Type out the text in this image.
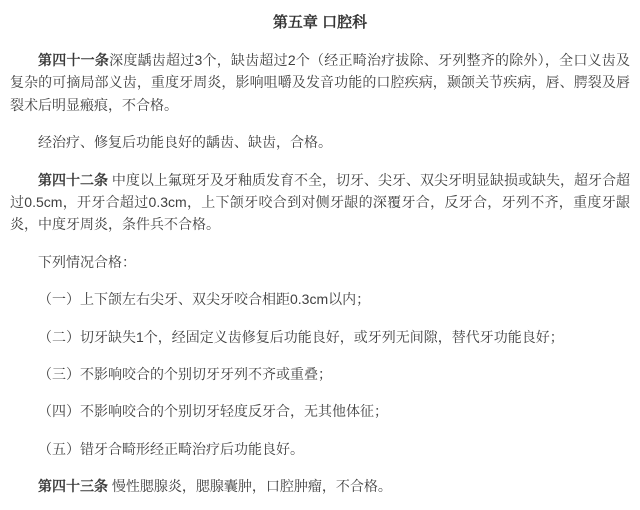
第五章 口腔科

第四十一条深度龋齿超过3个，缺齿超过2个（经正畸治疗拔除、牙列整齐的除外），全口义齿及复杂的可摘局部义齿，重度牙周炎，影响咀嚼及发音功能的口腔疾病，颞颌关节疾病，唇、腭裂及唇裂术后明显瘢痕，不合格。

经治疗、修复后功能良好的龋齿、缺齿，合格。

第四十二条 中度以上氟斑牙及牙釉质发育不全，切牙、尖牙、双尖牙明显缺损或缺失，超牙合超过0.5cm，开牙合超过0.3cm，上下颌牙咬合到对侧牙龈的深覆牙合，反牙合，牙列不齐，重度牙龈炎，中度牙周炎，条件兵不合格。

下列情况合格：

（一）上下颌左右尖牙、双尖牙咬合相距0.3cm以内；

（二）切牙缺失1个，经固定义齿修复后功能良好，或牙列无间隙，替代牙功能良好；

（三）不影响咬合的个别切牙牙列不齐或重叠；

（四）不影响咬合的个别切牙轻度反牙合，无其他体征；

（五）错牙合畸形经正畸治疗后功能良好。

第四十三条 慢性腮腺炎，腮腺囊肿，口腔肿瘤，不合格。
